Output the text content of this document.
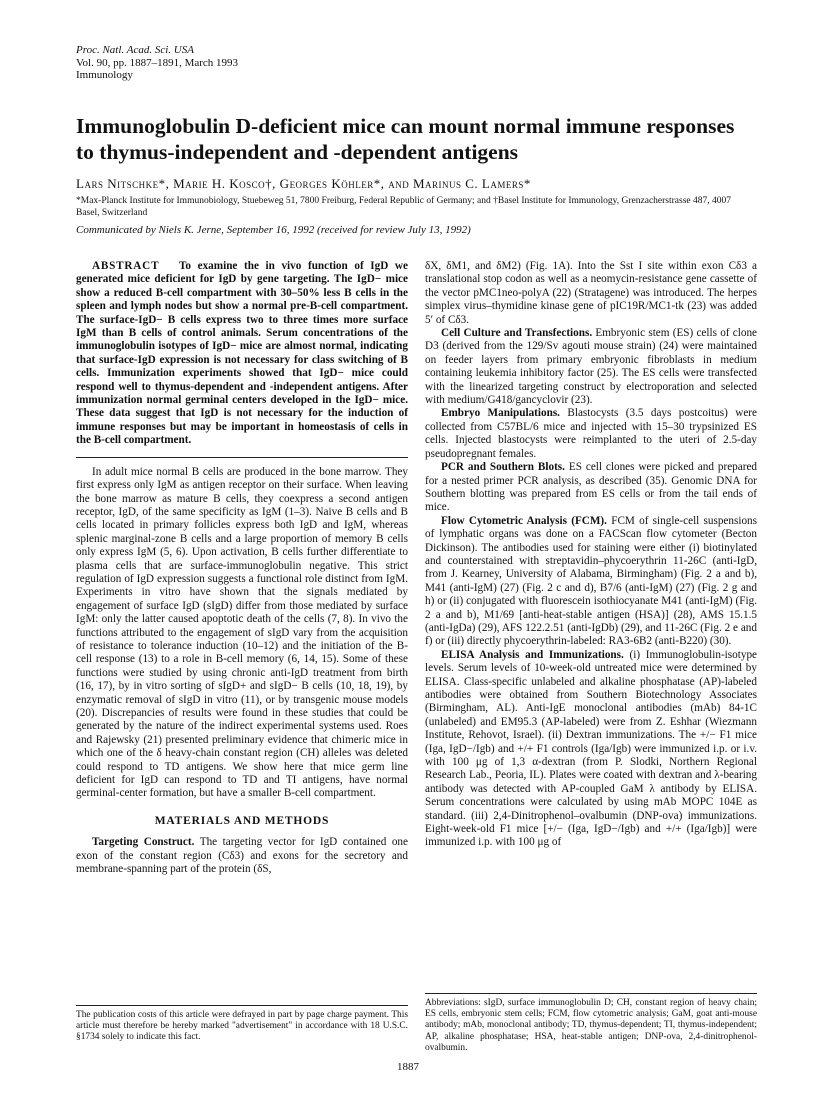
Proc. Natl. Acad. Sci. USA
Vol. 90, pp. 1887–1891, March 1993
Immunology
Immunoglobulin D-deficient mice can mount normal immune responses to thymus-independent and -dependent antigens
Lars Nitschke*, Marie H. Kosco†, Georges Köhler*, and Marinus C. Lamers*
*Max-Planck Institute for Immunobiology, Stuebeweg 51, 7800 Freiburg, Federal Republic of Germany; and †Basel Institute for Immunology, Grenzacherstrasse 487, 4007 Basel, Switzerland
Communicated by Niels K. Jerne, September 16, 1992 (received for review July 13, 1992)

ABSTRACT To examine the in vivo function of IgD we generated mice deficient for IgD by gene targeting. The IgD− mice show a reduced B-cell compartment with 30–50% less B cells in the spleen and lymph nodes but show a normal pre-B-cell compartment. The surface-IgD− B cells express two to three times more surface IgM than B cells of control animals. Serum concentrations of the immunoglobulin isotypes of IgD− mice are almost normal, indicating that surface-IgD expression is not necessary for class switching of B cells. Immunization experiments showed that IgD− mice could respond well to thymus-dependent and -independent antigens. After immunization normal germinal centers developed in the IgD− mice. These data suggest that IgD is not necessary for the induction of immune responses but may be important in homeostasis of cells in the B-cell compartment.

In adult mice normal B cells are produced in the bone marrow. They first express only IgM as antigen receptor on their surface. When leaving the bone marrow as mature B cells, they coexpress a second antigen receptor, IgD, of the same specificity as IgM (1–3). Naive B cells and B cells located in primary follicles express both IgD and IgM, whereas splenic marginal-zone B cells and a large proportion of memory B cells only express IgM (5, 6). Upon activation, B cells further differentiate to plasma cells that are surface-immunoglobulin negative. This strict regulation of IgD expression suggests a functional role distinct from IgM. Experiments in vitro have shown that the signals mediated by engagement of surface IgD (sIgD) differ from those mediated by surface IgM: only the latter caused apoptotic death of the cells (7, 8). In vivo the functions attributed to the engagement of sIgD vary from the acquisition of resistance to tolerance induction (10–12) and the initiation of the B-cell response (13) to a role in B-cell memory (6, 14, 15). Some of these functions were studied by using chronic anti-IgD treatment from birth (16, 17), by in vitro sorting of sIgD+ and sIgD− B cells (10, 18, 19), by enzymatic removal of sIgD in vitro (11), or by transgenic mouse models (20). Discrepancies of results were found in these studies that could be generated by the nature of the indirect experimental systems used. Roes and Rajewsky (21) presented preliminary evidence that chimeric mice in which one of the δ heavy-chain constant region (CH) alleles was deleted could respond to TD antigens. We show here that mice germ line deficient for IgD can respond to TD and TI antigens, have normal germinal-center formation, but have a smaller B-cell compartment.

MATERIALS AND METHODS

Targeting Construct. The targeting vector for IgD contained one exon of the constant region (Cδ3) and exons for the secretory and membrane-spanning part of the protein (δS,

δX, δM1, and δM2) (Fig. 1A). Into the Sst I site within exon Cδ3 a translational stop codon as well as a neomycin-resistance gene cassette of the vector pMC1neo-polyA (22) (Stratagene) was introduced. The herpes simplex virus–thymidine kinase gene of pIC19R/MC1-tk (23) was added 5′ of Cδ3.

Cell Culture and Transfections. Embryonic stem (ES) cells of clone D3 (derived from the 129/Sv agouti mouse strain) (24) were maintained on feeder layers from primary embryonic fibroblasts in medium containing leukemia inhibitory factor (25). The ES cells were transfected with the linearized targeting construct by electroporation and selected with medium/G418/gancyclovir (23).

Embryo Manipulations. Blastocysts (3.5 days postcoitus) were collected from C57BL/6 mice and injected with 15–30 trypsinized ES cells. Injected blastocysts were reimplanted to the uteri of 2.5-day pseudopregnant females.

PCR and Southern Blots. ES cell clones were picked and prepared for a nested primer PCR analysis, as described (35). Genomic DNA for Southern blotting was prepared from ES cells or from the tail ends of mice.

Flow Cytometric Analysis (FCM). FCM of single-cell suspensions of lymphatic organs was done on a FACScan flow cytometer (Becton Dickinson). The antibodies used for staining were either (i) biotinylated and counterstained with streptavidin–phycoerythrin 11-26C (anti-IgD, from J. Kearney, University of Alabama, Birmingham) (Fig. 2 a and b), M41 (anti-IgM) (27) (Fig. 2 c and d), B7/6 (anti-IgM) (27) (Fig. 2 g and h) or (ii) conjugated with fluorescein isothiocyanate M41 (anti-IgM) (Fig. 2 a and b), M1/69 [anti-heat-stable antigen (HSA)] (28), AMS 15.1.5 (anti-IgDa) (29), AFS 122.2.51 (anti-IgDb) (29), and 11-26C (Fig. 2 e and f) or (iii) directly phycoerythrin-labeled: RA3-6B2 (anti-B220) (30).

ELISA Analysis and Immunizations. (i) Immunoglobulin-isotype levels. Serum levels of 10-week-old untreated mice were determined by ELISA. Class-specific unlabeled and alkaline phosphatase (AP)-labeled antibodies were obtained from Southern Biotechnology Associates (Birmingham, AL). Anti-IgE monoclonal antibodies (mAb) 84-1C (unlabeled) and EM95.3 (AP-labeled) were from Z. Eshhar (Wiezmann Institute, Rehovot, Israel). (ii) Dextran immunizations. The +/− F1 mice (Iga, IgD−/Igb) and +/+ F1 controls (Iga/Igb) were immunized i.p. or i.v. with 100 μg of 1,3 α-dextran (from P. Slodki, Northern Regional Research Lab., Peoria, IL). Plates were coated with dextran and λ-bearing antibody was detected with AP-coupled GaM λ antibody by ELISA. Serum concentrations were calculated by using mAb MOPC 104E as standard. (iii) 2,4-Dinitrophenol–ovalbumin (DNP-ova) immunizations. Eight-week-old F1 mice [+/− (Iga, IgD−/Igb) and +/+ (Iga/Igb)] were immunized i.p. with 100 μg of

Abbreviations: sIgD, surface immunoglobulin D; CH, constant region of heavy chain; ES cells, embryonic stem cells; FCM, flow cytometric analysis; GaM, goat anti-mouse antibody; mAb, monoclonal antibody; TD, thymus-dependent; TI, thymus-independent; AP, alkaline phosphatase; HSA, heat-stable antigen; DNP-ova, 2,4-dinitrophenol-ovalbumin.
The publication costs of this article were defrayed in part by page charge payment. This article must therefore be hereby marked "advertisement" in accordance with 18 U.S.C. §1734 solely to indicate this fact.
1887
